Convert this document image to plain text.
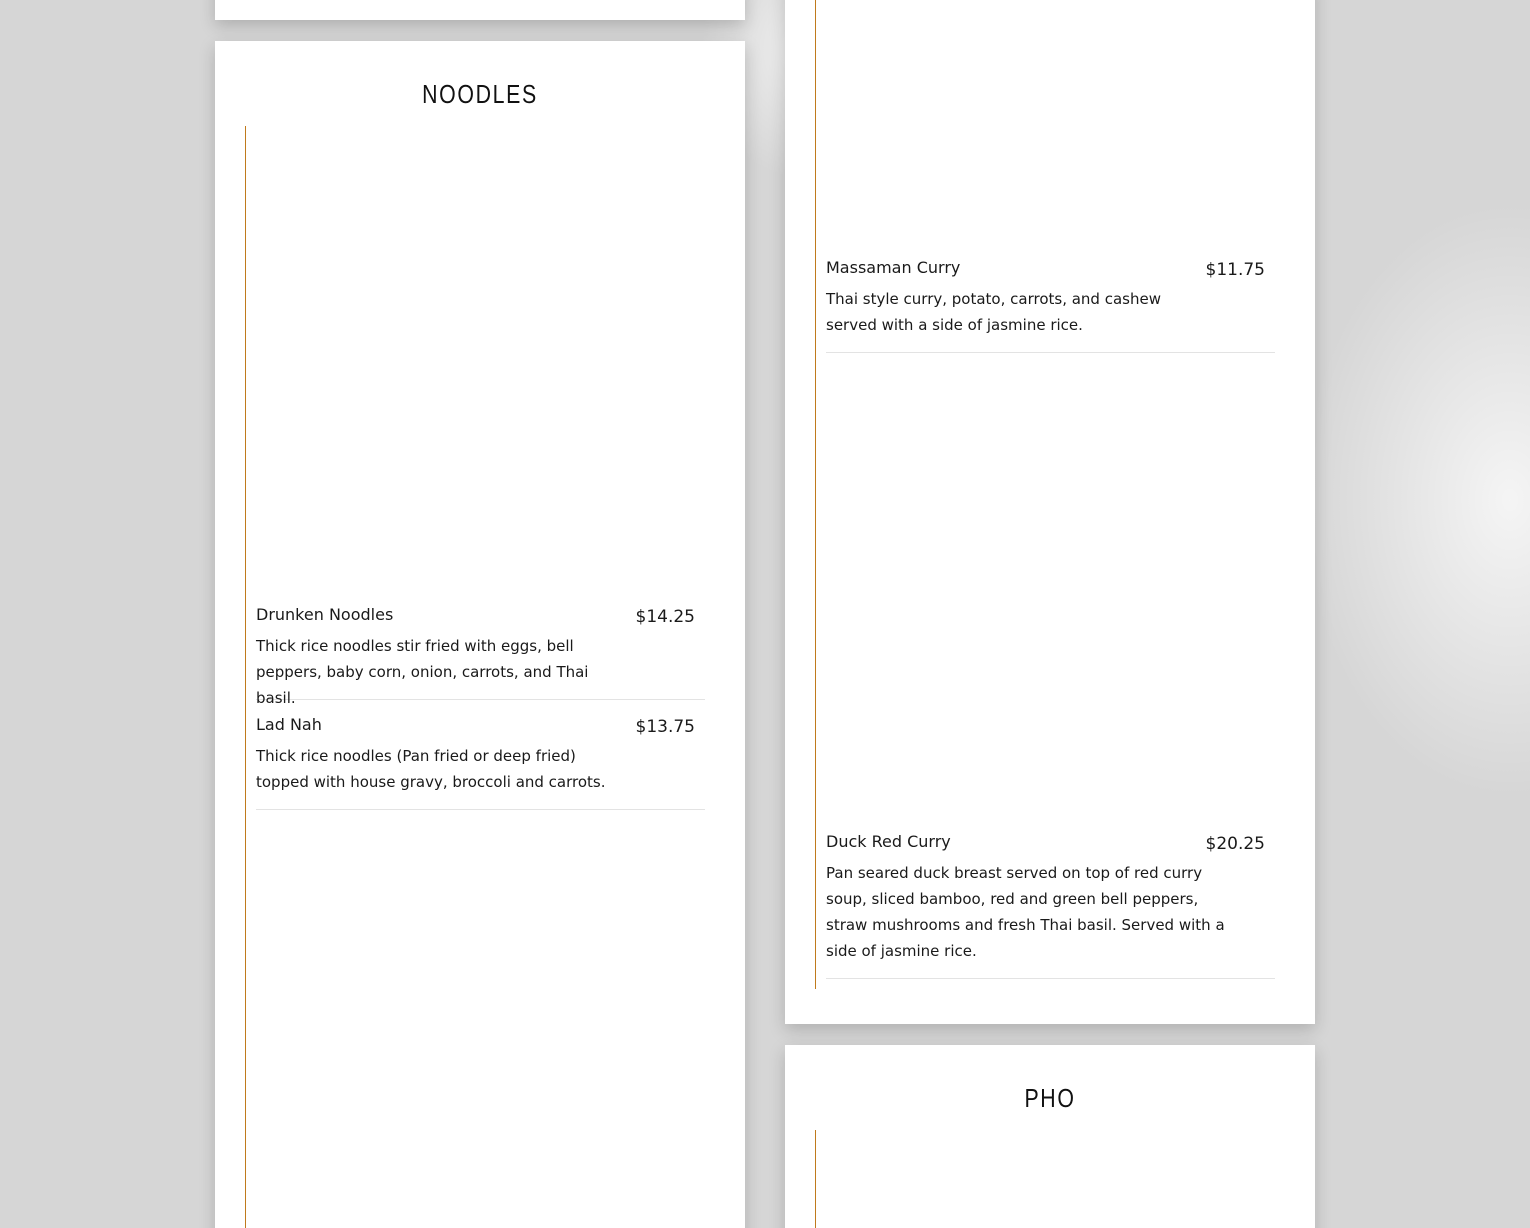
NOODLES
Drunken Noodles	$14.25
Thick rice noodles stir fried with eggs, bell peppers, baby corn, onion, carrots, and Thai basil.
Lad Nah	$13.75
Thick rice noodles (Pan fried or deep fried) topped with house gravy, broccoli and carrots.
Massaman Curry	$11.75
Thai style curry, potato, carrots, and cashew served with a side of jasmine rice.
Duck Red Curry	$20.25
Pan seared duck breast served on top of red curry soup, sliced bamboo, red and green bell peppers, straw mushrooms and fresh Thai basil. Served with a side of jasmine rice.
PHO
